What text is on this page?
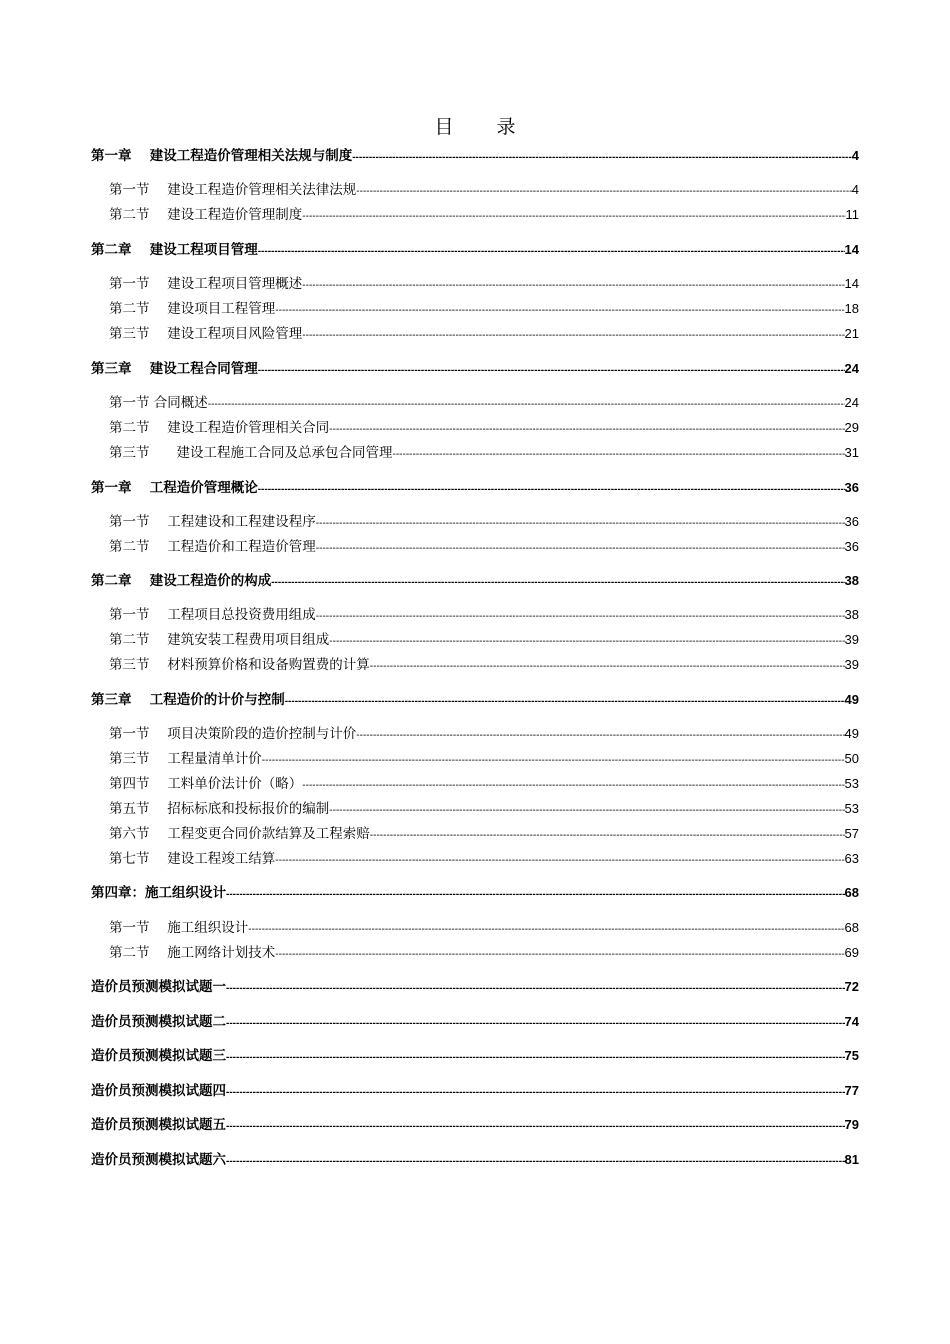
目　录
第一章　 建设工程造价管理相关法规与制度 -----	4
第一节　 建设工程造价管理相关法律法规 -----	4
第二节　 建设工程造价管理制度 -----	11
第二章　 建设工程项目管理 -----	14
第一节　 建设工程项目管理概述 -----	14
第二节　 建设项目工程管理 -----	18
第三节　 建设工程项目风险管理 -----	21
第三章　 建设工程合同管理 -----	24
第一节 合同概述 -----	24
第二节　 建设工程造价管理相关合同 -----	29
第三节　　建设工程施工合同及总承包合同管理 -----	31
第一章　 工程造价管理概论 -----	36
第一节　 工程建设和工程建设程序 -----	36
第二节　 工程造价和工程造价管理 -----	36
第二章　 建设工程造价的构成 -----	38
第一节　 工程项目总投资费用组成 -----	38
第二节　 建筑安装工程费用项目组成 -----	39
第三节　 材料预算价格和设备购置费的计算 -----	39
第三章　 工程造价的计价与控制 -----	49
第一节　 项目决策阶段的造价控制与计价 -----	49
第三节　 工程量清单计价 -----	50
第四节　 工料单价法计价（略） -----	53
第五节　 招标标底和投标报价的编制 -----	53
第六节　 工程变更合同价款结算及工程索赔 -----	57
第七节　 建设工程竣工结算 -----	63
第四章：施工组织设计 -----	68
第一节　 施工组织设计 -----	68
第二节　 施工网络计划技术 -----	69
造价员预测模拟试题一 -----	72
造价员预测模拟试题二 -----	74
造价员预测模拟试题三 -----	75
造价员预测模拟试题四 -----	77
造价员预测模拟试题五 -----	79
造价员预测模拟试题六 -----	81
